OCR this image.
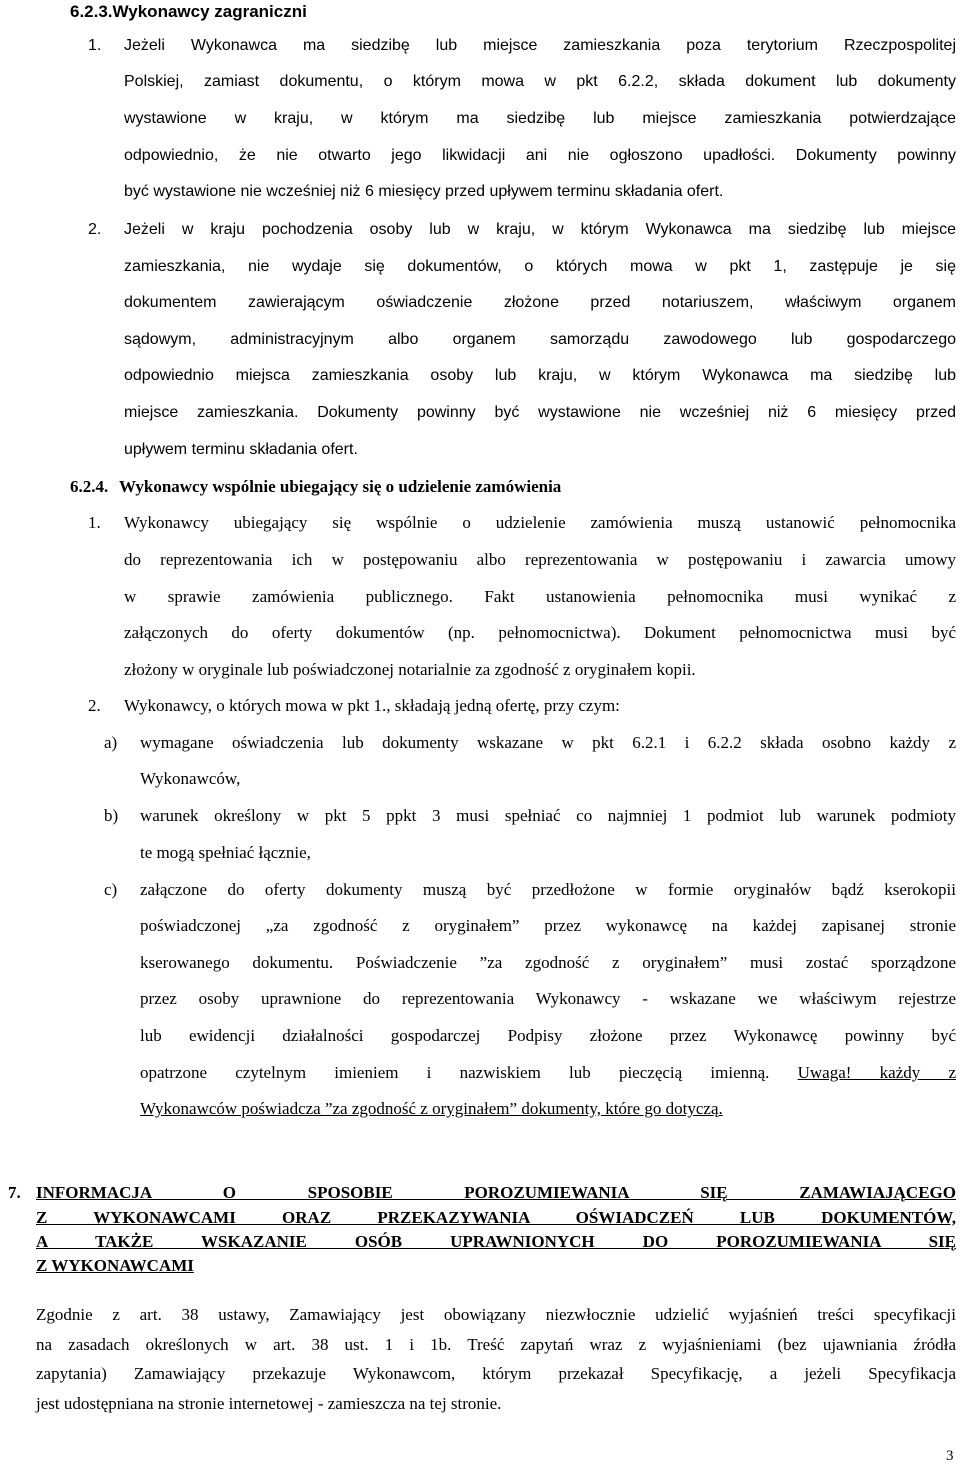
6.2.3.Wykonawcy zagraniczni
1. Jeżeli Wykonawca ma siedzibę lub miejsce zamieszkania poza terytorium Rzeczpospolitej
Polskiej, zamiast dokumentu, o którym mowa w pkt 6.2.2, składa dokument lub dokumenty
wystawione w kraju, w którym ma siedzibę lub miejsce zamieszkania potwierdzające
odpowiednio, że nie otwarto jego likwidacji ani nie ogłoszono upadłości. Dokumenty powinny
być wystawione nie wcześniej niż 6 miesięcy przed upływem terminu składania ofert.
2. Jeżeli w kraju pochodzenia osoby lub w kraju, w którym Wykonawca ma siedzibę lub miejsce
zamieszkania, nie wydaje się dokumentów, o których mowa w pkt 1, zastępuje je się
dokumentem zawierającym oświadczenie złożone przed notariuszem, właściwym organem
sądowym, administracyjnym albo organem samorządu zawodowego lub gospodarczego
odpowiednio miejsca zamieszkania osoby lub kraju, w którym Wykonawca ma siedzibę lub
miejsce zamieszkania. Dokumenty powinny być wystawione nie wcześniej niż 6 miesięcy przed
upływem terminu składania ofert.
6.2.4. Wykonawcy wspólnie ubiegający się o udzielenie zamówienia
1. Wykonawcy ubiegający się wspólnie o udzielenie zamówienia muszą ustanowić pełnomocnika
do reprezentowania ich w postępowaniu albo reprezentowania w postępowaniu i zawarcia umowy
w sprawie zamówienia publicznego. Fakt ustanowienia pełnomocnika musi wynikać z
załączonych do oferty dokumentów (np. pełnomocnictwa). Dokument pełnomocnictwa musi być
złożony w oryginale lub poświadczonej notarialnie za zgodność z oryginałem kopii.
2. Wykonawcy, o których mowa w pkt 1., składają jedną ofertę, przy czym:
a) wymagane oświadczenia lub dokumenty wskazane w pkt 6.2.1 i 6.2.2 składa osobno każdy z
Wykonawców,
b) warunek określony w pkt 5 ppkt 3 musi spełniać co najmniej 1 podmiot lub warunek podmioty
te mogą spełniać łącznie,
c) załączone do oferty dokumenty muszą być przedłożone w formie oryginałów bądź kserokopii
poświadczonej „za zgodność z oryginałem” przez wykonawcę na każdej zapisanej stronie
kserowanego dokumentu. Poświadczenie ”za zgodność z oryginałem” musi zostać sporządzone
przez osoby uprawnione do reprezentowania Wykonawcy - wskazane we właściwym rejestrze
lub ewidencji działalności gospodarczej Podpisy złożone przez Wykonawcę powinny być
opatrzone czytelnym imieniem i nazwiskiem lub pieczęcią imienną. Uwaga! każdy z
Wykonawców poświadcza ”za zgodność z oryginałem” dokumenty, które go dotyczą.
7. INFORMACJA O SPOSOBIE POROZUMIEWANIA SIĘ ZAMAWIAJĄCEGO
Z WYKONAWCAMI ORAZ PRZEKAZYWANIA OŚWIADCZEŃ LUB DOKUMENTÓW,
A TAKŻE WSKAZANIE OSÓB UPRAWNIONYCH DO POROZUMIEWANIA SIĘ
Z WYKONAWCAMI
Zgodnie z art. 38 ustawy, Zamawiający jest obowiązany niezwłocznie udzielić wyjaśnień treści specyfikacji
na zasadach określonych w art. 38 ust. 1 i 1b. Treść zapytań wraz z wyjaśnieniami (bez ujawniania źródła
zapytania) Zamawiający przekazuje Wykonawcom, którym przekazał Specyfikację, a jeżeli Specyfikacja
jest udostępniana na stronie internetowej - zamieszcza na tej stronie.
3
